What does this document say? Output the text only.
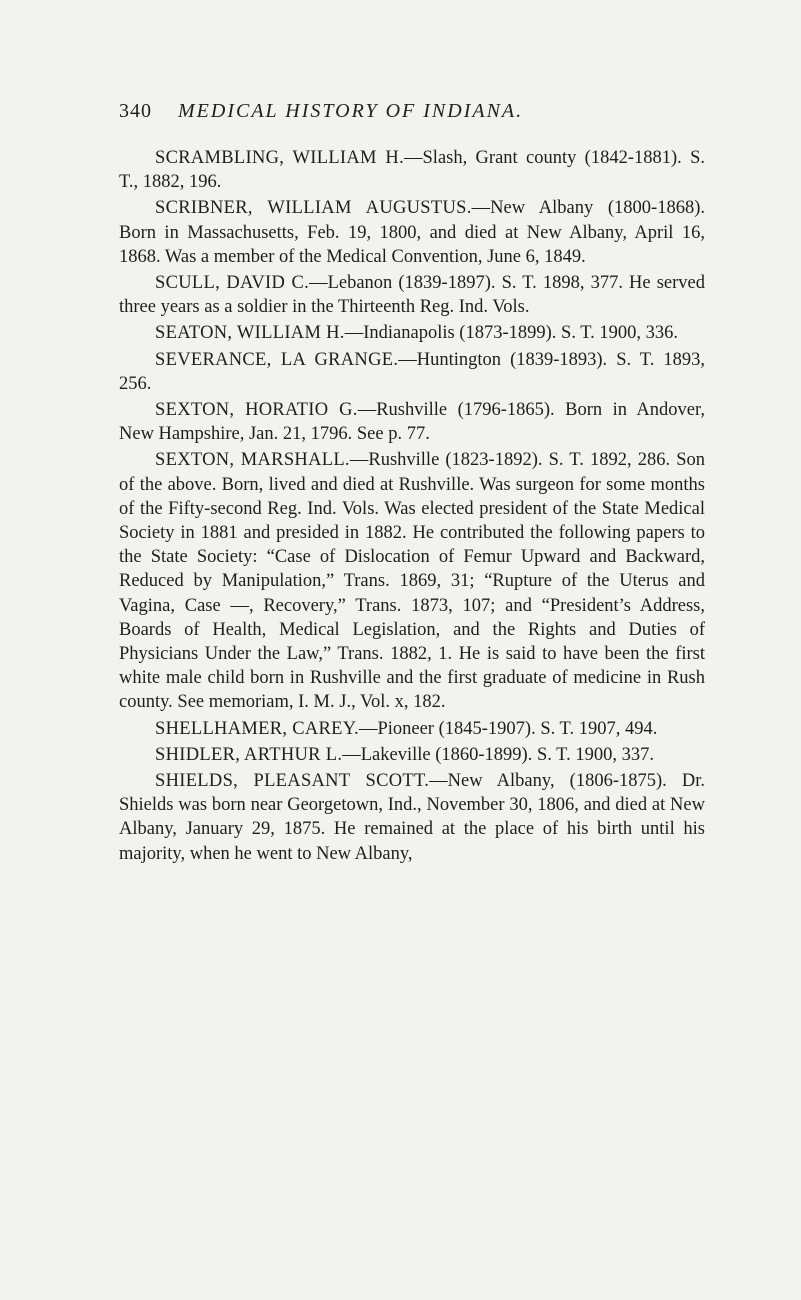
340 MEDICAL HISTORY OF INDIANA.

SCRAMBLING, WILLIAM H.—Slash, Grant county (1842-1881). S. T., 1882, 196.

SCRIBNER, WILLIAM AUGUSTUS.—New Albany (1800-1868). Born in Massachusetts, Feb. 19, 1800, and died at New Albany, April 16, 1868. Was a member of the Medical Convention, June 6, 1849.

SCULL, DAVID C.—Lebanon (1839-1897). S. T. 1898, 377. He served three years as a soldier in the Thirteenth Reg. Ind. Vols.

SEATON, WILLIAM H.—Indianapolis (1873-1899). S. T. 1900, 336.

SEVERANCE, LA GRANGE.—Huntington (1839-1893). S. T. 1893, 256.

SEXTON, HORATIO G.—Rushville (1796-1865). Born in Andover, New Hampshire, Jan. 21, 1796. See p. 77.

SEXTON, MARSHALL.—Rushville (1823-1892). S. T. 1892, 286. Son of the above. Born, lived and died at Rushville. Was surgeon for some months of the Fifty-second Reg. Ind. Vols. Was elected president of the State Medical Society in 1881 and presided in 1882. He contributed the following papers to the State Society: “Case of Dislocation of Femur Upward and Backward, Reduced by Manipulation,” Trans. 1869, 31; “Rupture of the Uterus and Vagina, Case —, Recovery,” Trans. 1873, 107; and “President’s Address, Boards of Health, Medical Legislation, and the Rights and Duties of Physicians Under the Law,” Trans. 1882, 1. He is said to have been the first white male child born in Rushville and the first graduate of medicine in Rush county. See memoriam, I. M. J., Vol. x, 182.

SHELLHAMER, CAREY.—Pioneer (1845-1907). S. T. 1907, 494.

SHIDLER, ARTHUR L.—Lakeville (1860-1899). S. T. 1900, 337.

SHIELDS, PLEASANT SCOTT.—New Albany, (1806-1875). Dr. Shields was born near Georgetown, Ind., November 30, 1806, and died at New Albany, January 29, 1875. He remained at the place of his birth until his majority, when he went to New Albany,
